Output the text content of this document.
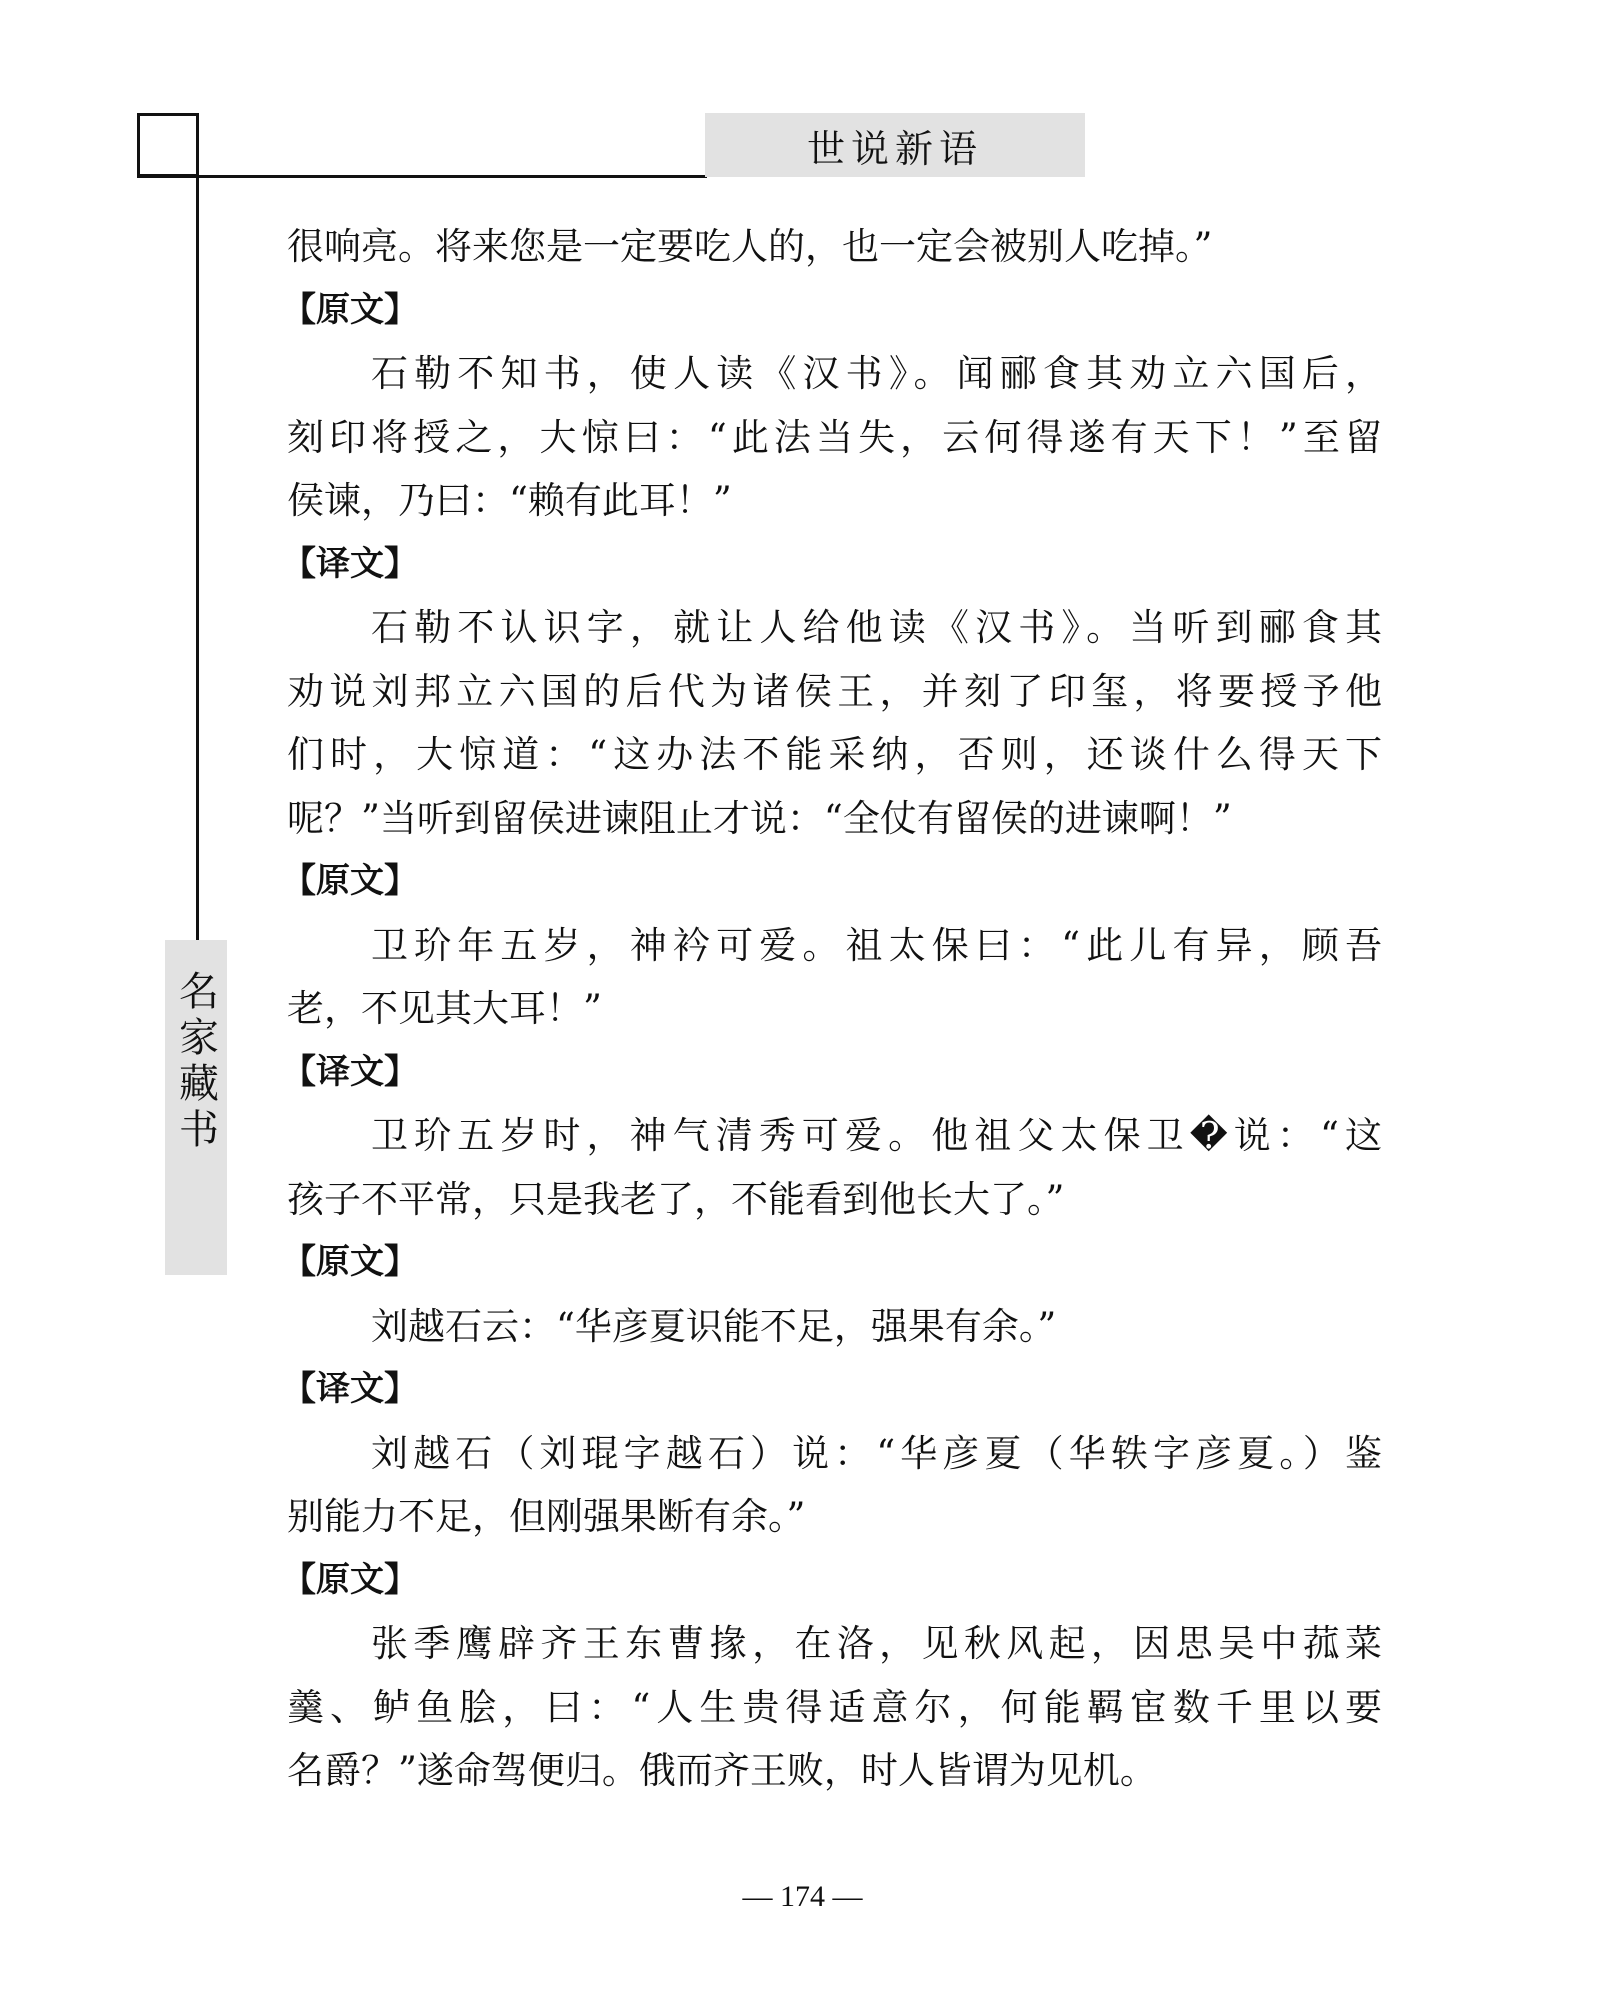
世说新语
名家藏书
很响亮。将来您是一定要吃人的，也一定会被别人吃掉。”
【原文】
石勒不知书，使人读《汉书》。闻郦食其劝立六国后，
刻印将授之，大惊曰：“此法当失，云何得遂有天下！”至留
侯谏，乃曰：“赖有此耳！”
【译文】
石勒不认识字，就让人给他读《汉书》。当听到郦食其
劝说刘邦立六国的后代为诸侯王，并刻了印玺，将要授予他
们时，大惊道：“这办法不能采纳，否则，还谈什么得天下
呢？”当听到留侯进谏阻止才说：“全仗有留侯的进谏啊！”
【原文】
卫玠年五岁，神衿可爱。祖太保曰：“此儿有异，顾吾
老，不见其大耳！”
【译文】
卫玠五岁时，神气清秀可爱。他祖父太保卫�说：“这
孩子不平常，只是我老了，不能看到他长大了。”
【原文】
刘越石云：“华彦夏识能不足，强果有余。”
【译文】
刘越石（刘琨字越石）说：“华彦夏（华轶字彦夏。）鉴
别能力不足，但刚强果断有余。”
【原文】
张季鹰辟齐王东曹掾，在洛，见秋风起，因思吴中菰菜
羹、鲈鱼脍，曰：“人生贵得适意尔，何能羁宦数千里以要
名爵？”遂命驾便归。俄而齐王败，时人皆谓为见机。
— 174 —
